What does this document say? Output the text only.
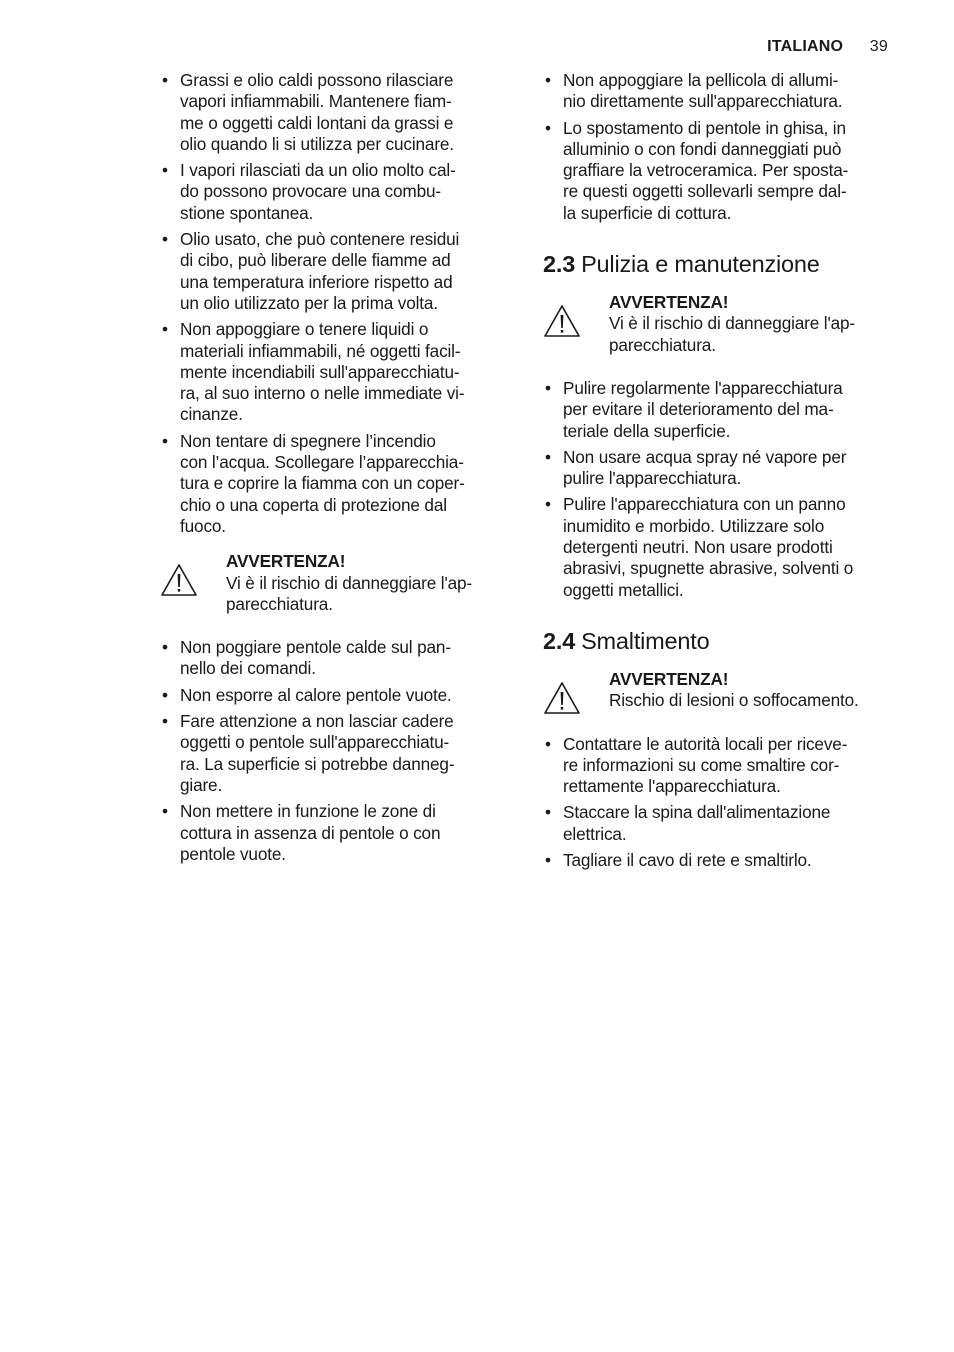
ITALIANO 39
• Grassi e olio caldi possono rilasciare
vapori infiammabili. Mantenere fiam-
me o oggetti caldi lontani da grassi e
olio quando li si utilizza per cucinare.
• I vapori rilasciati da un olio molto cal-
do possono provocare una combu-
stione spontanea.
• Olio usato, che può contenere residui
di cibo, può liberare delle fiamme ad
una temperatura inferiore rispetto ad
un olio utilizzato per la prima volta.
• Non appoggiare o tenere liquidi o
materiali infiammabili, né oggetti facil-
mente incendiabili sull'apparecchiatu-
ra, al suo interno o nelle immediate vi-
cinanze.
• Non tentare di spegnere l’incendio
con l’acqua. Scollegare l’apparecchia-
tura e coprire la fiamma con un coper-
chio o una coperta di protezione dal
fuoco.
AVVERTENZA!
Vi è il rischio di danneggiare l'ap-
parecchiatura.
• Non poggiare pentole calde sul pan-
nello dei comandi.
• Non esporre al calore pentole vuote.
• Fare attenzione a non lasciar cadere
oggetti o pentole sull'apparecchiatu-
ra. La superficie si potrebbe danneg-
giare.
• Non mettere in funzione le zone di
cottura in assenza di pentole o con
pentole vuote.
• Non appoggiare la pellicola di allumi-
nio direttamente sull'apparecchiatura.
• Lo spostamento di pentole in ghisa, in
alluminio o con fondi danneggiati può
graffiare la vetroceramica. Per sposta-
re questi oggetti sollevarli sempre dal-
la superficie di cottura.
2.3 Pulizia e manutenzione
AVVERTENZA!
Vi è il rischio di danneggiare l'ap-
parecchiatura.
• Pulire regolarmente l'apparecchiatura
per evitare il deterioramento del ma-
teriale della superficie.
• Non usare acqua spray né vapore per
pulire l'apparecchiatura.
• Pulire l'apparecchiatura con un panno
inumidito e morbido. Utilizzare solo
detergenti neutri. Non usare prodotti
abrasivi, spugnette abrasive, solventi o
oggetti metallici.
2.4 Smaltimento
AVVERTENZA!
Rischio di lesioni o soffocamento.
• Contattare le autorità locali per riceve-
re informazioni su come smaltire cor-
rettamente l'apparecchiatura.
• Staccare la spina dall'alimentazione
elettrica.
• Tagliare il cavo di rete e smaltirlo.
